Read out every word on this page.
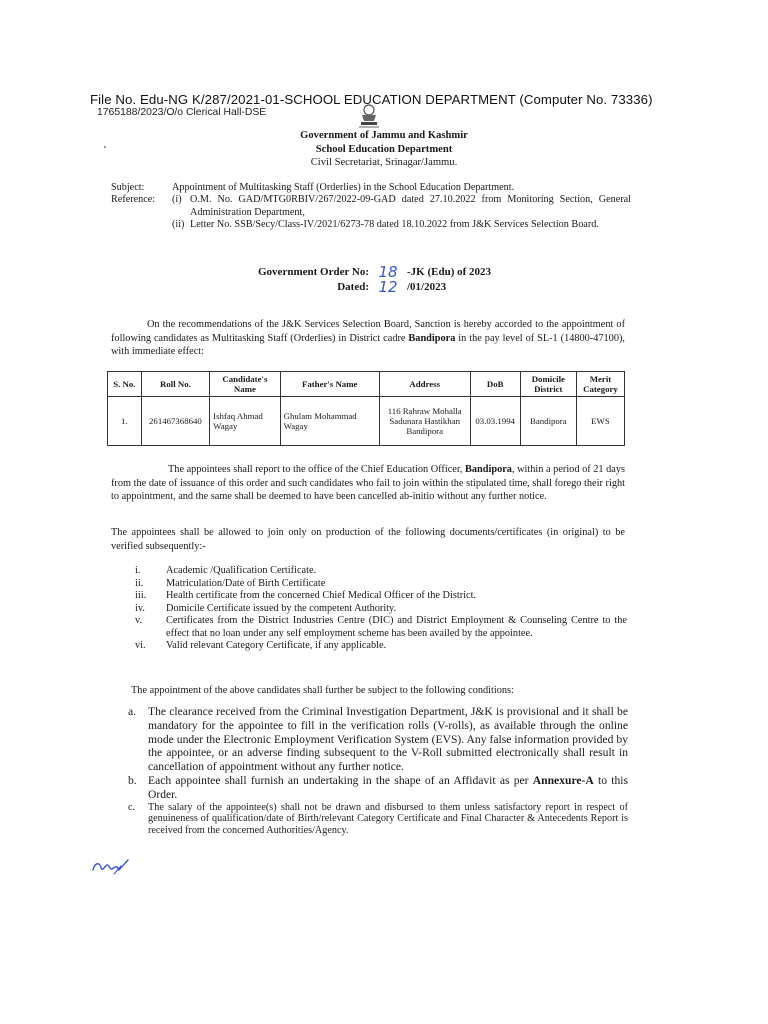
File No. Edu-NG K/287/2021-01-SCHOOL EDUCATION DEPARTMENT (Computer No. 73336)
1765188/2023/O/o Clerical Hall-DSE
Government of Jammu and Kashmir
School Education Department
Civil Secretariat, Srinagar/Jammu.
Subject:	Appointment of Multitasking Staff (Orderlies) in the School Education Department.
Reference:	(i) O.M. No. GAD/MTG0RBIV/267/2022-09-GAD dated 27.10.2022 from Monitoring Section, General Administration Department,
(ii) Letter No. SSB/Secy/Class-IV/2021/6273-78 dated 18.10.2022 from J&K Services Selection Board.
Government Order No: 18 -JK (Edu) of 2023
Dated: 12 /01/2023
On the recommendations of the J&K Services Selection Board, Sanction is hereby accorded to the appointment of following candidates as Multitasking Staff (Orderlies) in District cadre Bandipora in the pay level of SL-1 (14800-47100), with immediate effect:
S. No.	Roll No.	Candidate's Name	Father's Name	Address	DoB	Domicile District	Merit Category
1.	261467368640	Ishfaq Ahmad Wagay	Ghulam Mohammad Wagay	116 Rahraw Mohalla Sadunara Hastikhan Bandipora	03.03.1994	Bandipora	EWS
The appointees shall report to the office of the Chief Education Officer, Bandipora, within a period of 21 days from the date of issuance of this order and such candidates who fail to join within the stipulated time, shall forego their right to appointment, and the same shall be deemed to have been cancelled ab-initio without any further notice.
The appointees shall be allowed to join only on production of the following documents/certificates (in original) to be verified subsequently:-
i.	Academic /Qualification Certificate.
ii.	Matriculation/Date of Birth Certificate
iii.	Health certificate from the concerned Chief Medical Officer of the District.
iv.	Domicile Certificate issued by the competent Authority.
v.	Certificates from the District Industries Centre (DIC) and District Employment & Counseling Centre to the effect that no loan under any self employment scheme has been availed by the appointee.
vi.	Valid relevant Category Certificate, if any applicable.
The appointment of the above candidates shall further be subject to the following conditions:
a.	The clearance received from the Criminal Investigation Department, J&K is provisional and it shall be mandatory for the appointee to fill in the verification rolls (V-rolls), as available through the online mode under the Electronic Employment Verification System (EVS). Any false information provided by the appointee, or an adverse finding subsequent to the V-Roll submitted electronically shall result in cancellation of appointment without any further notice.
b. Each appointee shall furnish an undertaking in the shape of an Affidavit as per Annexure-A to this Order.
c.	The salary of the appointee(s) shall not be drawn and disbursed to them unless satisfactory report in respect of genuineness of qualification/date of Birth/relevant Category Certificate and Final Character & Antecedents Report is received from the concerned Authorities/Agency.
